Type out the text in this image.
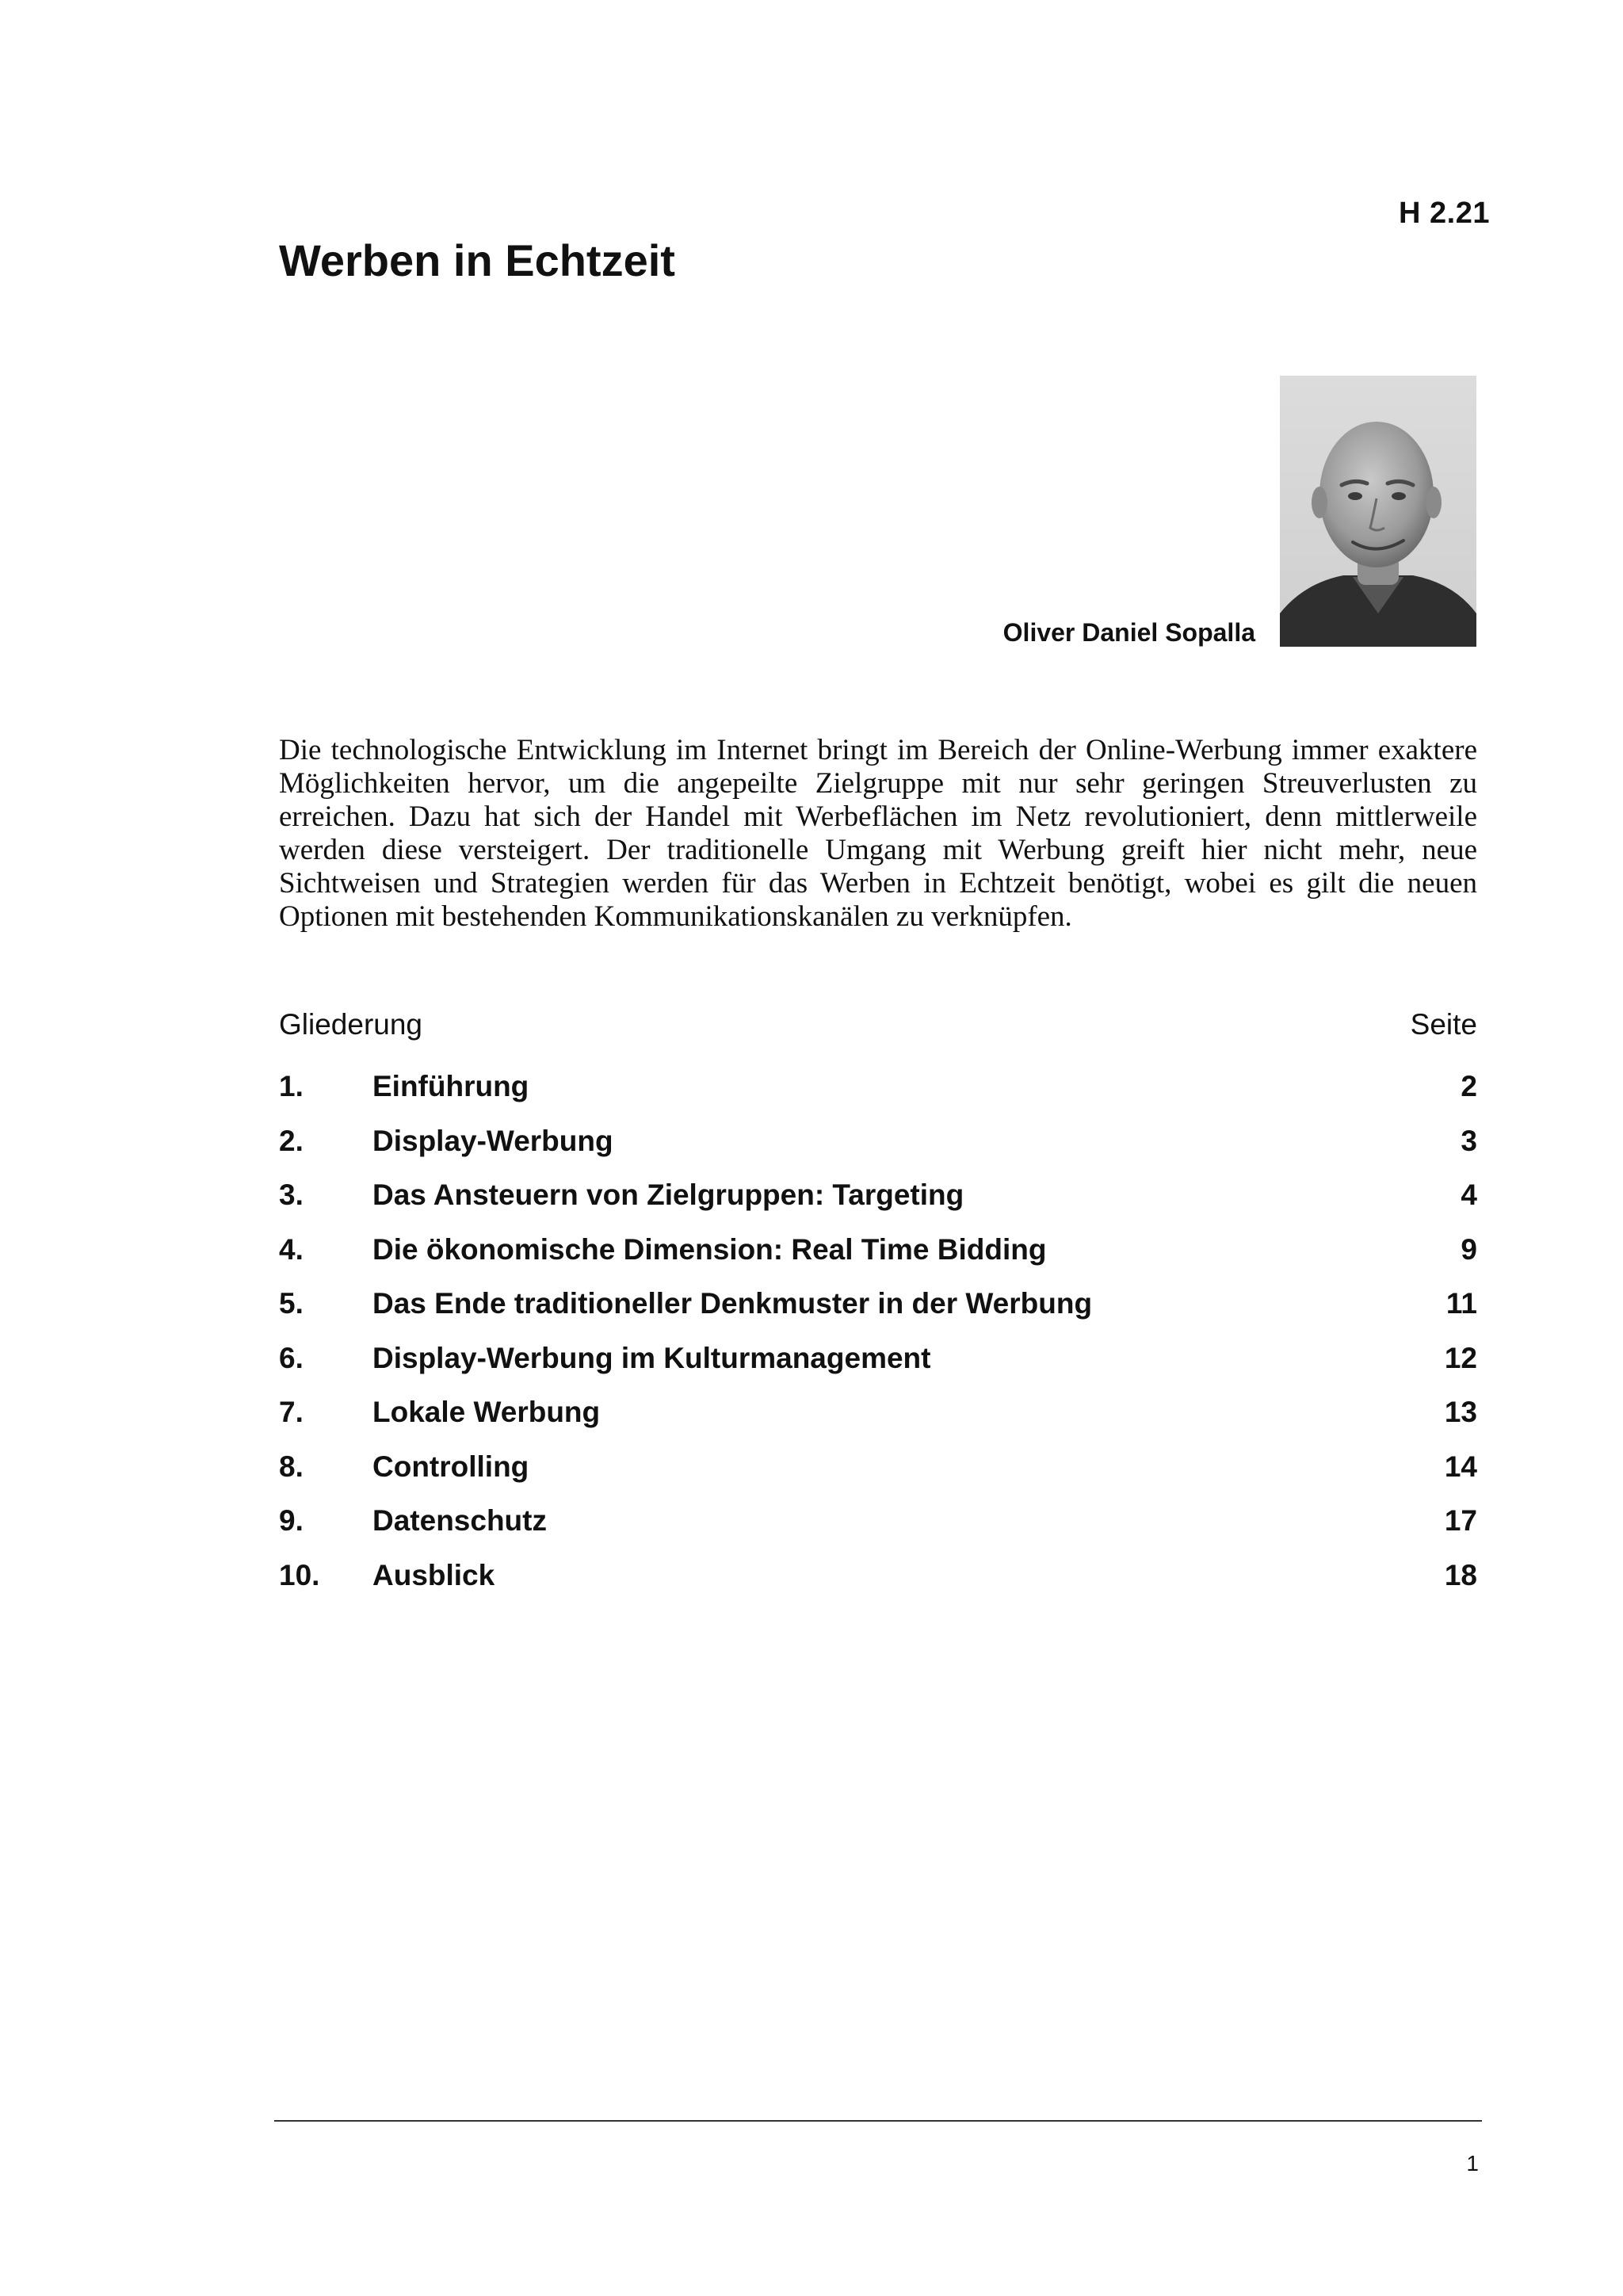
H 2.21
Werben in Echtzeit
Oliver Daniel Sopalla

Die technologische Entwicklung im Internet bringt im Bereich der Online-Werbung immer exaktere Möglichkeiten hervor, um die angepeilte Zielgruppe mit nur sehr geringen Streuverlusten zu erreichen. Dazu hat sich der Handel mit Werbeflächen im Netz revolutioniert, denn mittlerweile werden diese versteigert. Der traditionelle Umgang mit Werbung greift hier nicht mehr, neue Sichtweisen und Strategien werden für das Werben in Echtzeit benötigt, wobei es gilt die neuen Optionen mit bestehenden Kommunikationskanälen zu verknüpfen.

Gliederung	Seite
1.	Einführung	2
2.	Display-Werbung	3
3.	Das Ansteuern von Zielgruppen: Targeting	4
4.	Die ökonomische Dimension: Real Time Bidding	9
5.	Das Ende traditioneller Denkmuster in der Werbung	11
6.	Display-Werbung im Kulturmanagement	12
7.	Lokale Werbung	13
8.	Controlling	14
9.	Datenschutz	17
10.	Ausblick	18
1
